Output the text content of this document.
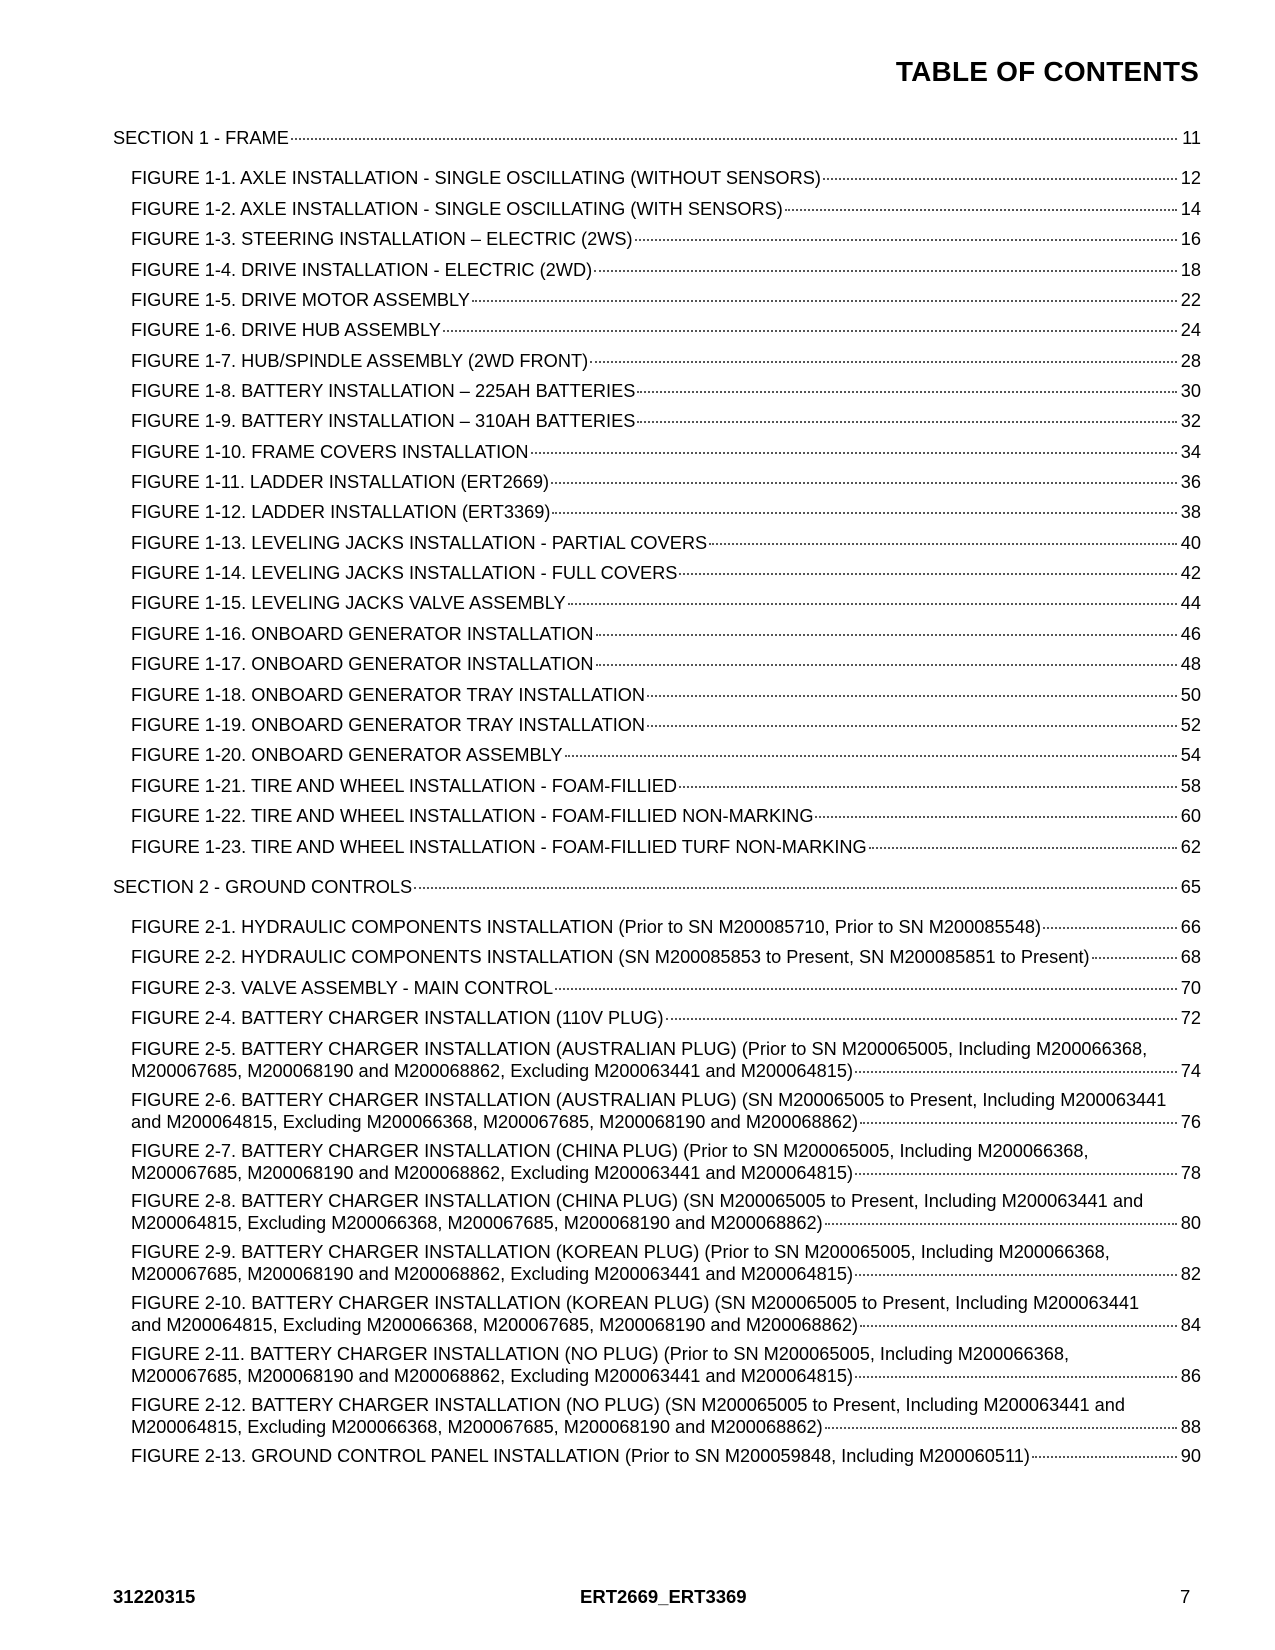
TABLE OF CONTENTS
SECTION 1 - FRAME	11
FIGURE 1-1. AXLE INSTALLATION - SINGLE OSCILLATING (WITHOUT SENSORS)	12
FIGURE 1-2. AXLE INSTALLATION - SINGLE OSCILLATING (WITH SENSORS)	14
FIGURE 1-3. STEERING INSTALLATION – ELECTRIC (2WS)	16
FIGURE 1-4. DRIVE INSTALLATION - ELECTRIC (2WD)	18
FIGURE 1-5. DRIVE MOTOR ASSEMBLY	22
FIGURE 1-6. DRIVE HUB ASSEMBLY	24
FIGURE 1-7. HUB/SPINDLE ASSEMBLY (2WD FRONT)	28
FIGURE 1-8. BATTERY INSTALLATION – 225AH BATTERIES	30
FIGURE 1-9. BATTERY INSTALLATION – 310AH BATTERIES	32
FIGURE 1-10. FRAME COVERS INSTALLATION	34
FIGURE 1-11. LADDER INSTALLATION (ERT2669)	36
FIGURE 1-12. LADDER INSTALLATION (ERT3369)	38
FIGURE 1-13. LEVELING JACKS INSTALLATION - PARTIAL COVERS	40
FIGURE 1-14. LEVELING JACKS INSTALLATION - FULL COVERS	42
FIGURE 1-15. LEVELING JACKS VALVE ASSEMBLY	44
FIGURE 1-16. ONBOARD GENERATOR INSTALLATION	46
FIGURE 1-17. ONBOARD GENERATOR INSTALLATION	48
FIGURE 1-18. ONBOARD GENERATOR TRAY INSTALLATION	50
FIGURE 1-19. ONBOARD GENERATOR TRAY INSTALLATION	52
FIGURE 1-20. ONBOARD GENERATOR ASSEMBLY	54
FIGURE 1-21. TIRE AND WHEEL INSTALLATION - FOAM-FILLIED	58
FIGURE 1-22. TIRE AND WHEEL INSTALLATION - FOAM-FILLIED NON-MARKING	60
FIGURE 1-23. TIRE AND WHEEL INSTALLATION - FOAM-FILLIED TURF NON-MARKING	62
SECTION 2 - GROUND CONTROLS	65
FIGURE 2-1. HYDRAULIC COMPONENTS INSTALLATION (Prior to SN M200085710, Prior to SN M200085548)	66
FIGURE 2-2. HYDRAULIC COMPONENTS INSTALLATION (SN M200085853 to Present, SN M200085851 to Present)	68
FIGURE 2-3. VALVE ASSEMBLY - MAIN CONTROL	70
FIGURE 2-4. BATTERY CHARGER INSTALLATION (110V PLUG)	72
FIGURE 2-5. BATTERY CHARGER INSTALLATION (AUSTRALIAN PLUG) (Prior to SN M200065005, Including M200066368,
M200067685, M200068190 and M200068862, Excluding M200063441 and M200064815)	74
FIGURE 2-6. BATTERY CHARGER INSTALLATION (AUSTRALIAN PLUG) (SN M200065005 to Present, Including M200063441
and M200064815, Excluding M200066368, M200067685, M200068190 and M200068862)	76
FIGURE 2-7. BATTERY CHARGER INSTALLATION (CHINA PLUG) (Prior to SN M200065005, Including M200066368,
M200067685, M200068190 and M200068862, Excluding M200063441 and M200064815)	78
FIGURE 2-8. BATTERY CHARGER INSTALLATION (CHINA PLUG) (SN M200065005 to Present, Including M200063441 and
M200064815, Excluding M200066368, M200067685, M200068190 and M200068862)	80
FIGURE 2-9. BATTERY CHARGER INSTALLATION (KOREAN PLUG) (Prior to SN M200065005, Including M200066368,
M200067685, M200068190 and M200068862, Excluding M200063441 and M200064815)	82
FIGURE 2-10. BATTERY CHARGER INSTALLATION (KOREAN PLUG) (SN M200065005 to Present, Including M200063441
and M200064815, Excluding M200066368, M200067685, M200068190 and M200068862)	84
FIGURE 2-11. BATTERY CHARGER INSTALLATION (NO PLUG) (Prior to SN M200065005, Including M200066368,
M200067685, M200068190 and M200068862, Excluding M200063441 and M200064815)	86
FIGURE 2-12. BATTERY CHARGER INSTALLATION (NO PLUG) (SN M200065005 to Present, Including M200063441 and
M200064815, Excluding M200066368, M200067685, M200068190 and M200068862)	88
FIGURE 2-13. GROUND CONTROL PANEL INSTALLATION (Prior to SN M200059848, Including M200060511)	90
31220315	ERT2669_ERT3369	7
